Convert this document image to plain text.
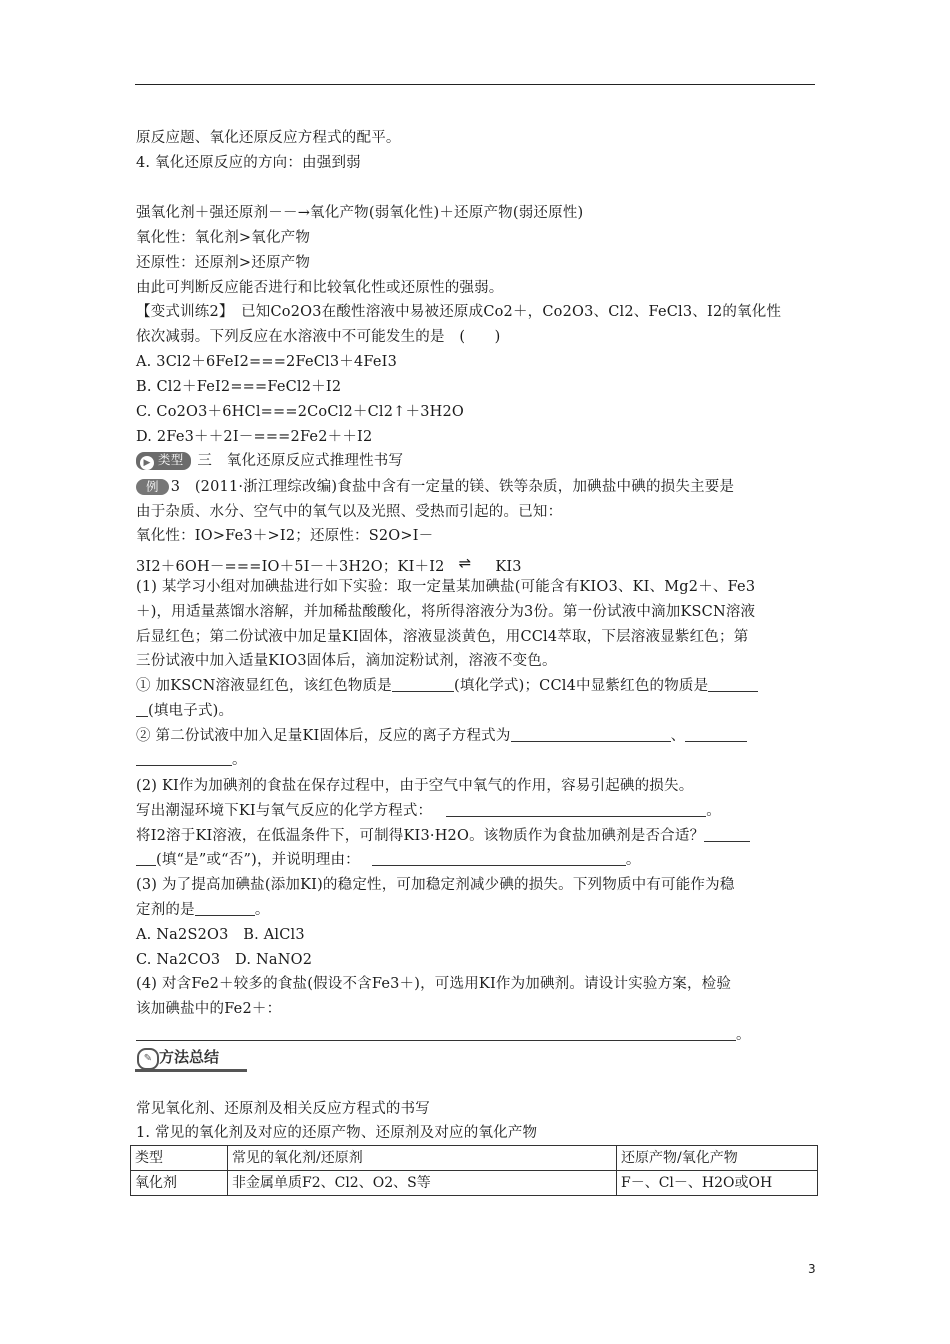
原反应题、氧化还原反应方程式的配平。
4. 氧化还原反应的方向：由强到弱
强氧化剂＋强还原剂－－→氧化产物(弱氧化性)＋还原产物(弱还原性)
氧化性：氧化剂>氧化产物
还原性：还原剂>还原产物
由此可判断反应能否进行和比较氧化性或还原性的强弱。
【变式训练2】　已知Co2O3在酸性溶液中易被还原成Co2＋，Co2O3、Cl2、FeCl3、I2的氧化性
依次减弱。下列反应在水溶液中不可能发生的是　(　　)
A. 3Cl2＋6FeI2===2FeCl3＋4FeI3
B. Cl2＋FeI2===FeCl2＋I2
C. Co2O3＋6HCl===2CoCl2＋Cl2↑＋3H2O
D. 2Fe3＋＋2I－===2Fe2＋＋I2
▶ 类型 三　氧化还原反应式推理性书写
例 3　(2011·浙江理综改编)食盐中含有一定量的镁、铁等杂质，加碘盐中碘的损失主要是
由于杂质、水分、空气中的氧气以及光照、受热而引起的。已知：
氧化性：IO>Fe3＋>I2；还原性：S2O>I－
3I2＋6OH－===IO＋5I－＋3H2O；KI＋I2 ⇌ KI3
(1) 某学习小组对加碘盐进行如下实验：取一定量某加碘盐(可能含有KIO3、KI、Mg2＋、Fe3
＋)，用适量蒸馏水溶解，并加稀盐酸酸化，将所得溶液分为3份。第一份试液中滴加KSCN溶液
后显红色；第二份试液中加足量KI固体，溶液显淡黄色，用CCl4萃取，下层溶液显紫红色；第
三份试液中加入适量KIO3固体后，滴加淀粉试剂，溶液不变色。
① 加KSCN溶液显红色，该红色物质是	(填化学式)；CCl4中显紫红色的物质是
(填电子式)。
② 第二份试液中加入足量KI固体后，反应的离子方程式为	、
。
(2) KI作为加碘剂的食盐在保存过程中，由于空气中氧气的作用，容易引起碘的损失。
写出潮湿环境下KI与氧气反应的化学方程式：	。
将I2溶于KI溶液，在低温条件下，可制得KI3·H2O。该物质作为食盐加碘剂是否合适？
(填“是”或“否”)，并说明理由：	。
(3) 为了提高加碘盐(添加KI)的稳定性，可加稳定剂减少碘的损失。下列物质中有可能作为稳
定剂的是	。
A. Na2S2O3　B. AlCl3
C. Na2CO3　D. NaNO2
(4) 对含Fe2＋较多的食盐(假设不含Fe3＋)，可选用KI作为加碘剂。请设计实验方案，检验
该加碘盐中的Fe2＋：
。
✎ 方法总结
常见氧化剂、还原剂及相关反应方程式的书写
1. 常见的氧化剂及对应的还原产物、还原剂及对应的氧化产物
类型	常见的氧化剂/还原剂	还原产物/氧化产物
氧化剂	非金属单质F2、Cl2、O2、S等	F－、Cl－、H2O或OH
3
